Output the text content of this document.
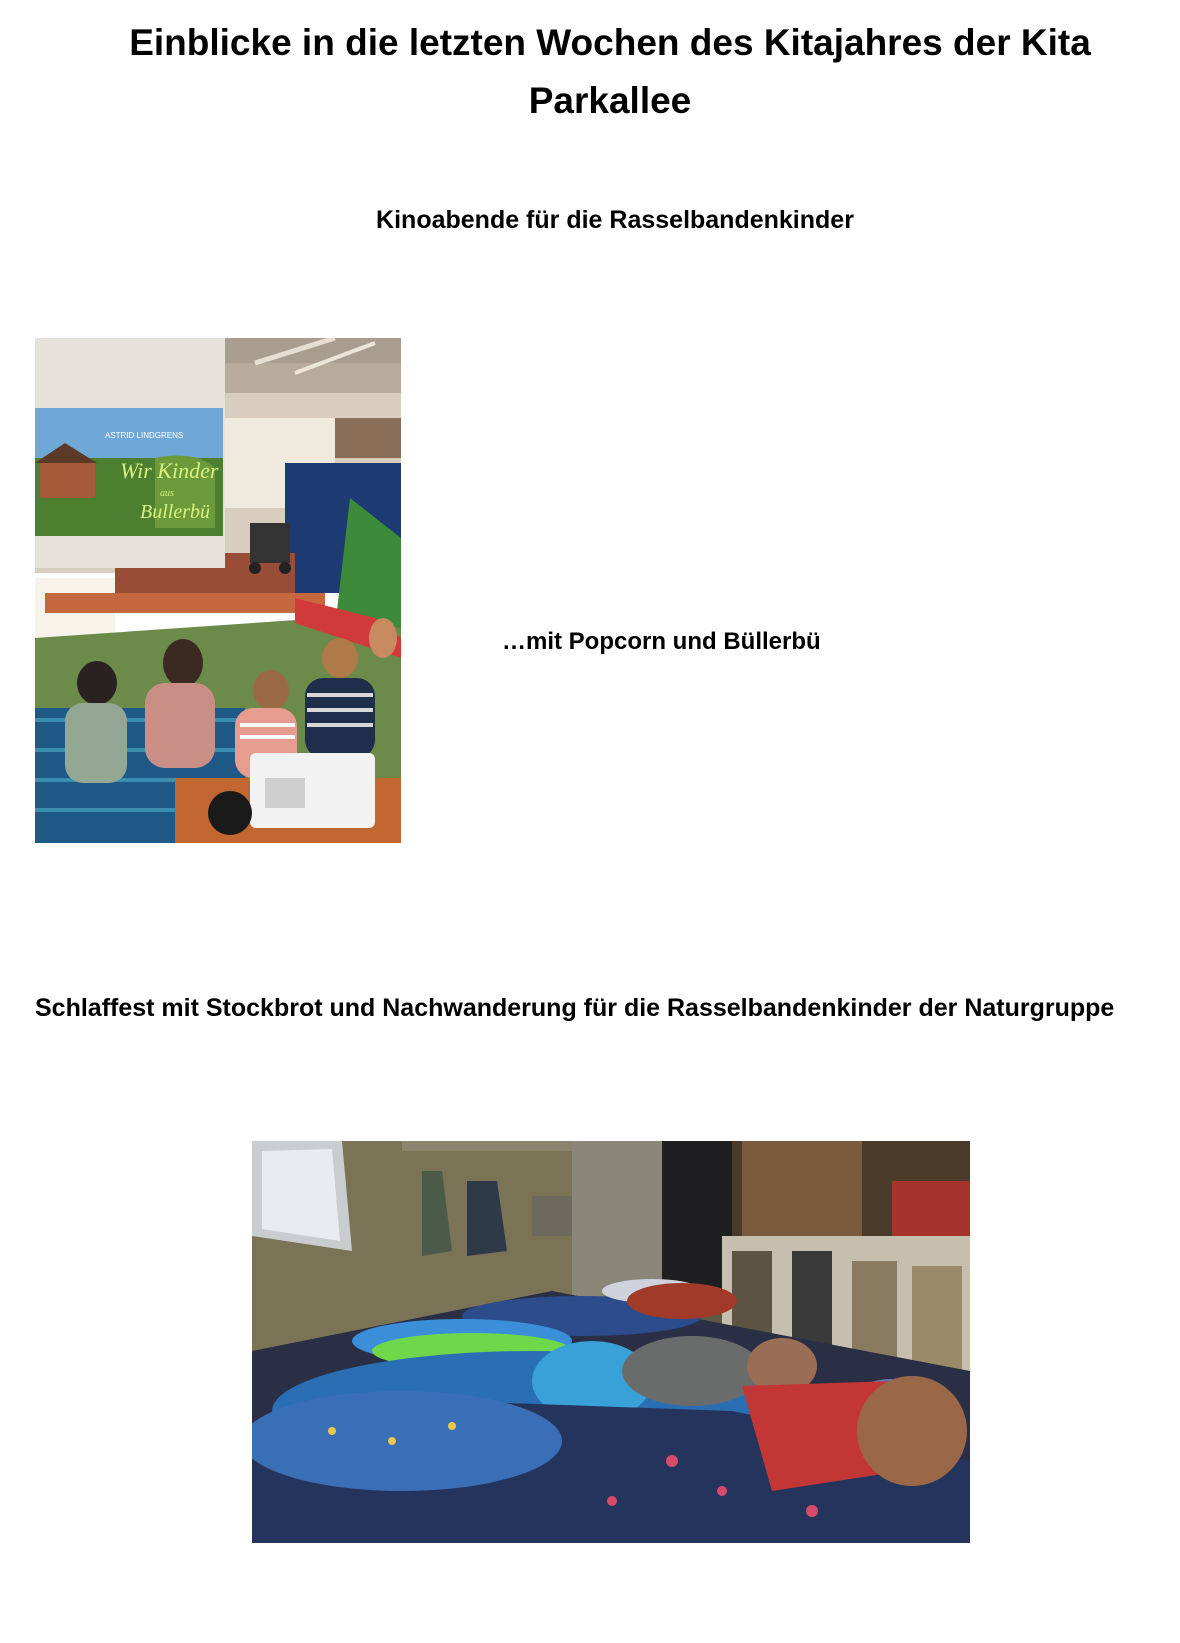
Einblicke in die letzten Wochen des Kitajahres der Kita Parkallee
Kinoabende für die Rasselbandenkinder
ASTRID LINDGRENS
Wir Kinder
aus
Bullerbü
…mit Popcorn und Büllerbü
Schlaffest mit Stockbrot und Nachwanderung für die Rasselbandenkinder der Naturgruppe
